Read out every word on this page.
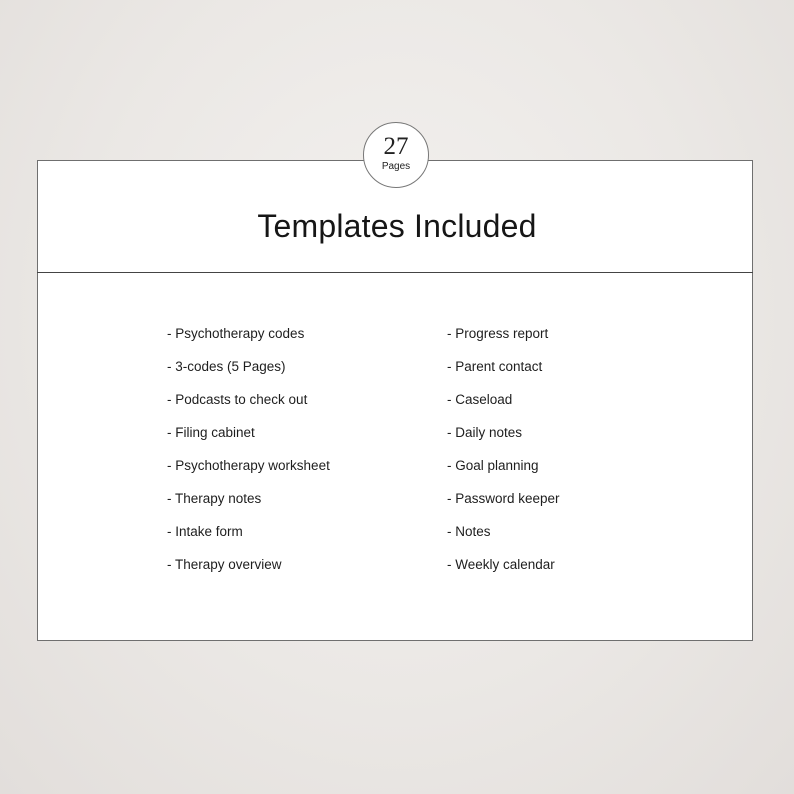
27
Pages
Templates Included
- Psychotherapy codes
- 3-codes (5 Pages)
- Podcasts to check out
- Filing cabinet
- Psychotherapy worksheet
- Therapy notes
- Intake form
- Therapy overview
- Progress report
- Parent contact
- Caseload
- Daily notes
- Goal planning
- Password keeper
- Notes
- Weekly calendar
